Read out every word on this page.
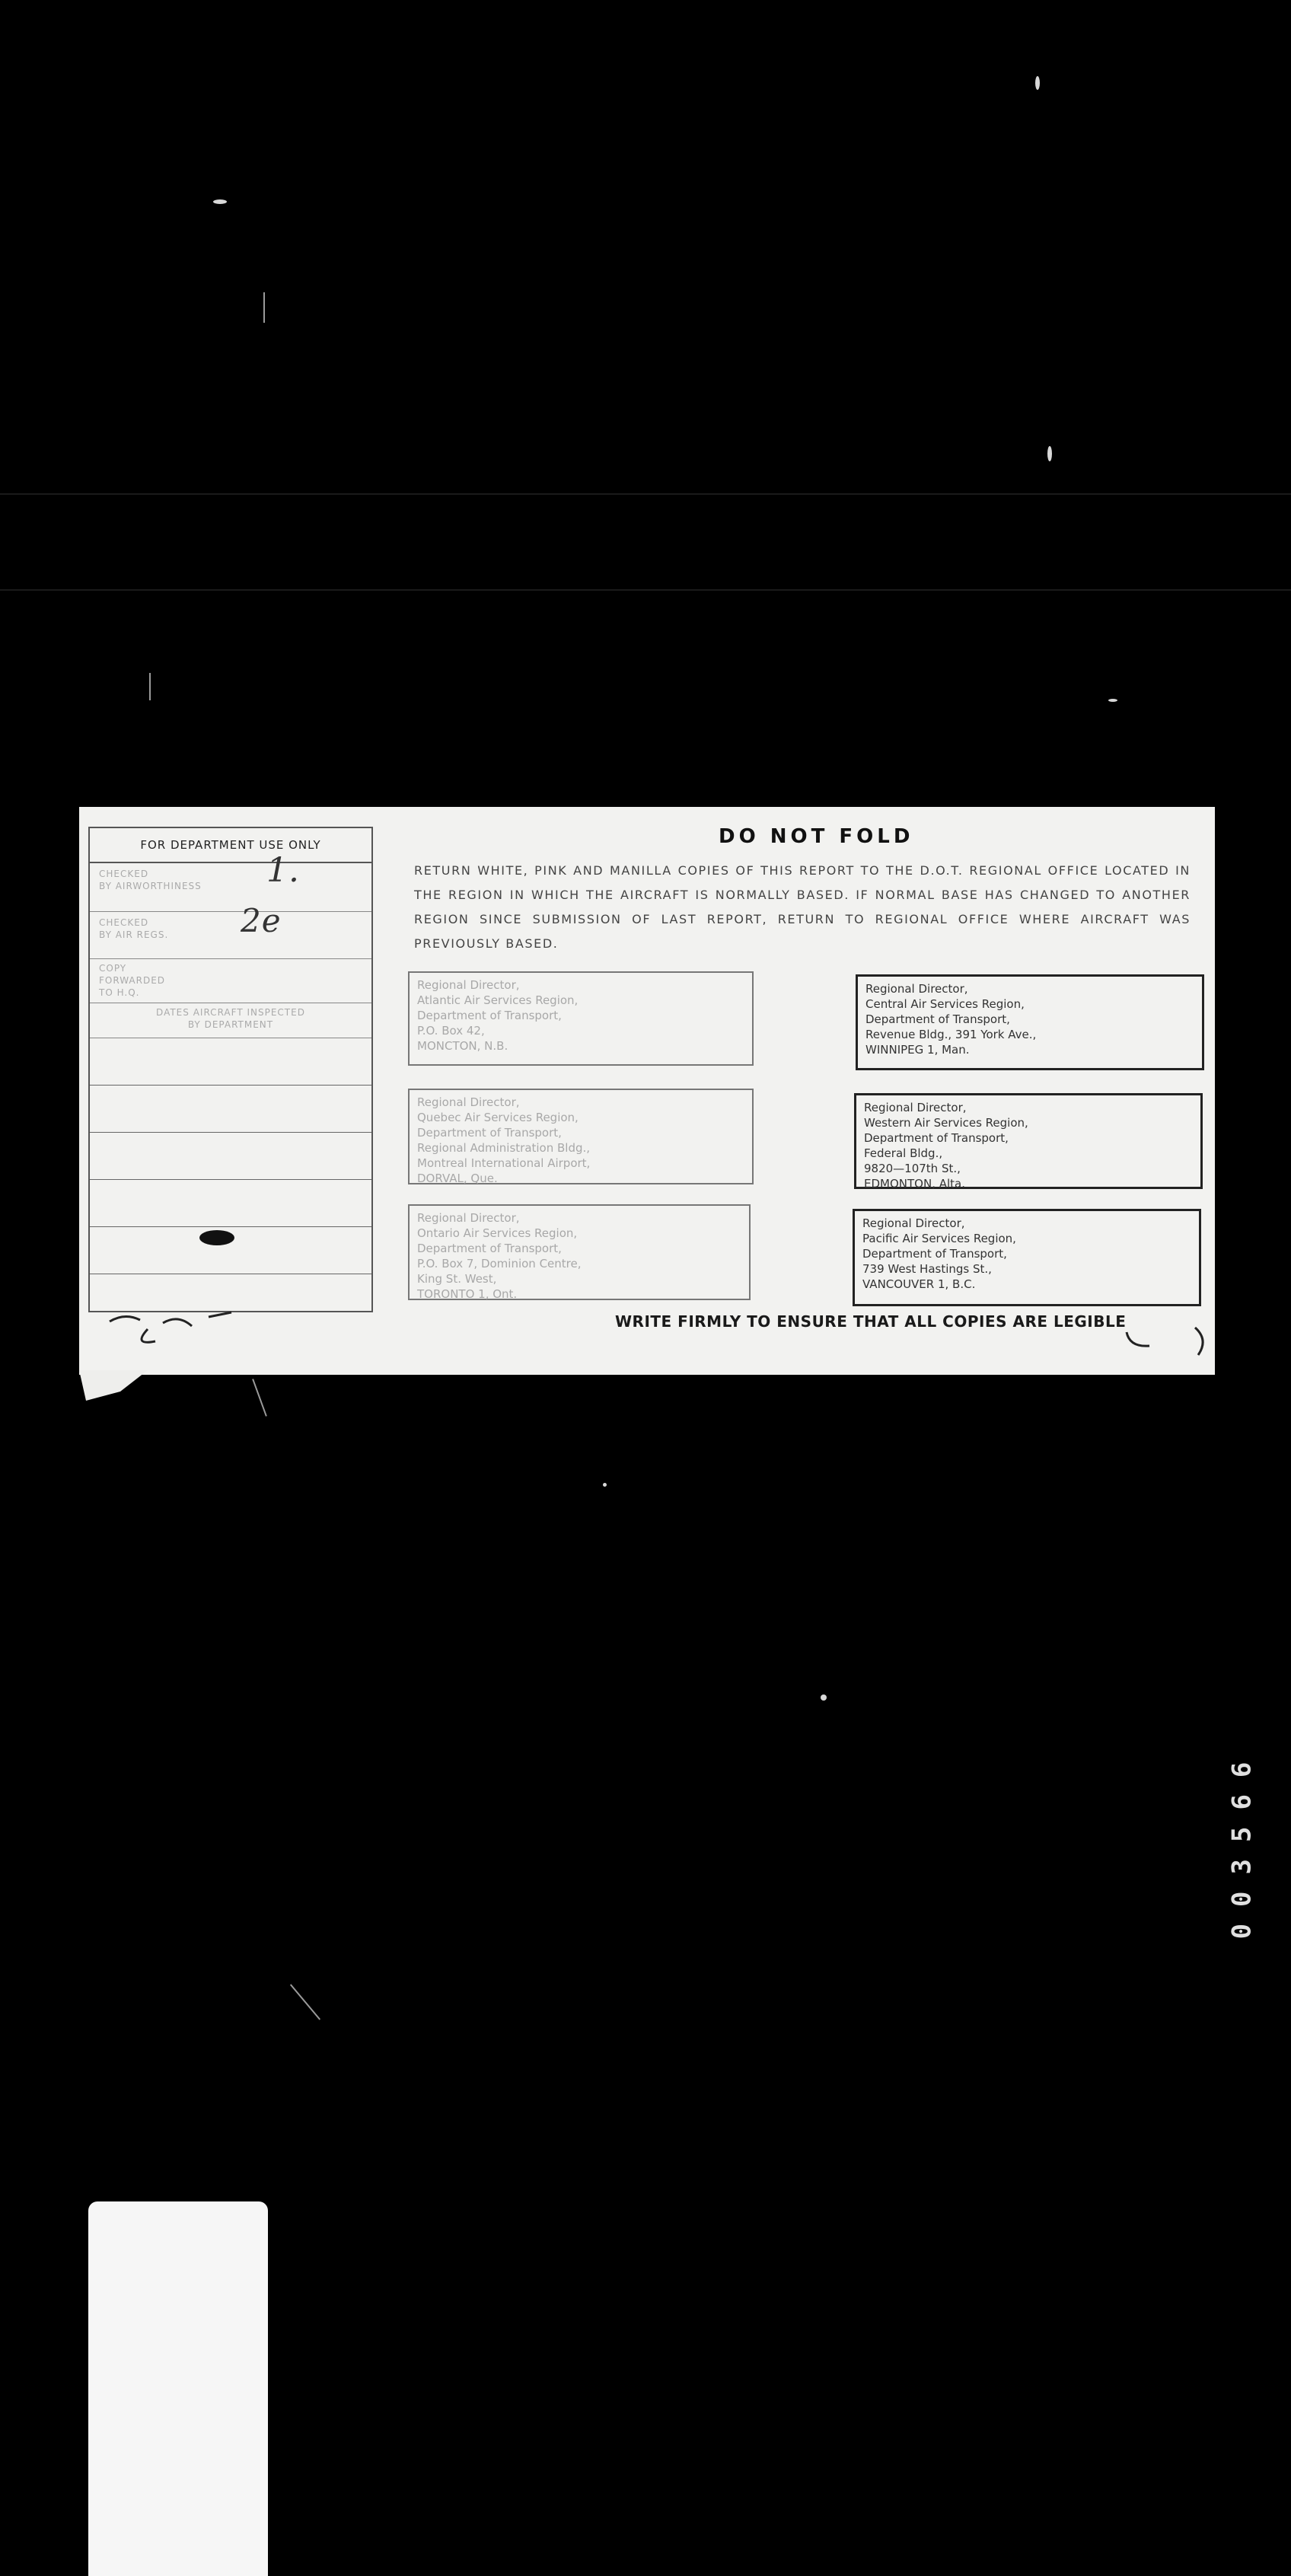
FOR DEPARTMENT USE ONLY
CHECKED
BY AIRWORTHINESS	1.
CHECKED
BY AIR REGS.	2e
COPY
FORWARDED
TO H.Q.
DATES AIRCRAFT INSPECTED
BY DEPARTMENT
DO NOT FOLD
RETURN WHITE, PINK AND MANILLA COPIES OF THIS REPORT TO THE D.O.T. REGIONAL OFFICE LOCATED IN THE REGION IN WHICH THE AIRCRAFT IS NORMALLY BASED. IF NORMAL BASE HAS CHANGED TO ANOTHER REGION SINCE SUBMISSION OF LAST REPORT, RETURN TO REGIONAL OFFICE WHERE AIRCRAFT WAS PREVIOUSLY BASED.
Regional Director,
Atlantic Air Services Region,
Department of Transport,
P.O. Box 42,
MONCTON, N.B.
Regional Director,
Quebec Air Services Region,
Department of Transport,
Regional Administration Bldg.,
Montreal International Airport,
DORVAL, Que.
Regional Director,
Ontario Air Services Region,
Department of Transport,
P.O. Box 7, Dominion Centre,
King St. West,
TORONTO 1, Ont.
Regional Director,
Central Air Services Region,
Department of Transport,
Revenue Bldg., 391 York Ave.,
WINNIPEG 1, Man.
Regional Director,
Western Air Services Region,
Department of Transport,
Federal Bldg.,
9820—107th St.,
EDMONTON, Alta.
Regional Director,
Pacific Air Services Region,
Department of Transport,
739 West Hastings St.,
VANCOUVER 1, B.C.
WRITE FIRMLY TO ENSURE THAT ALL COPIES ARE LEGIBLE
003566
